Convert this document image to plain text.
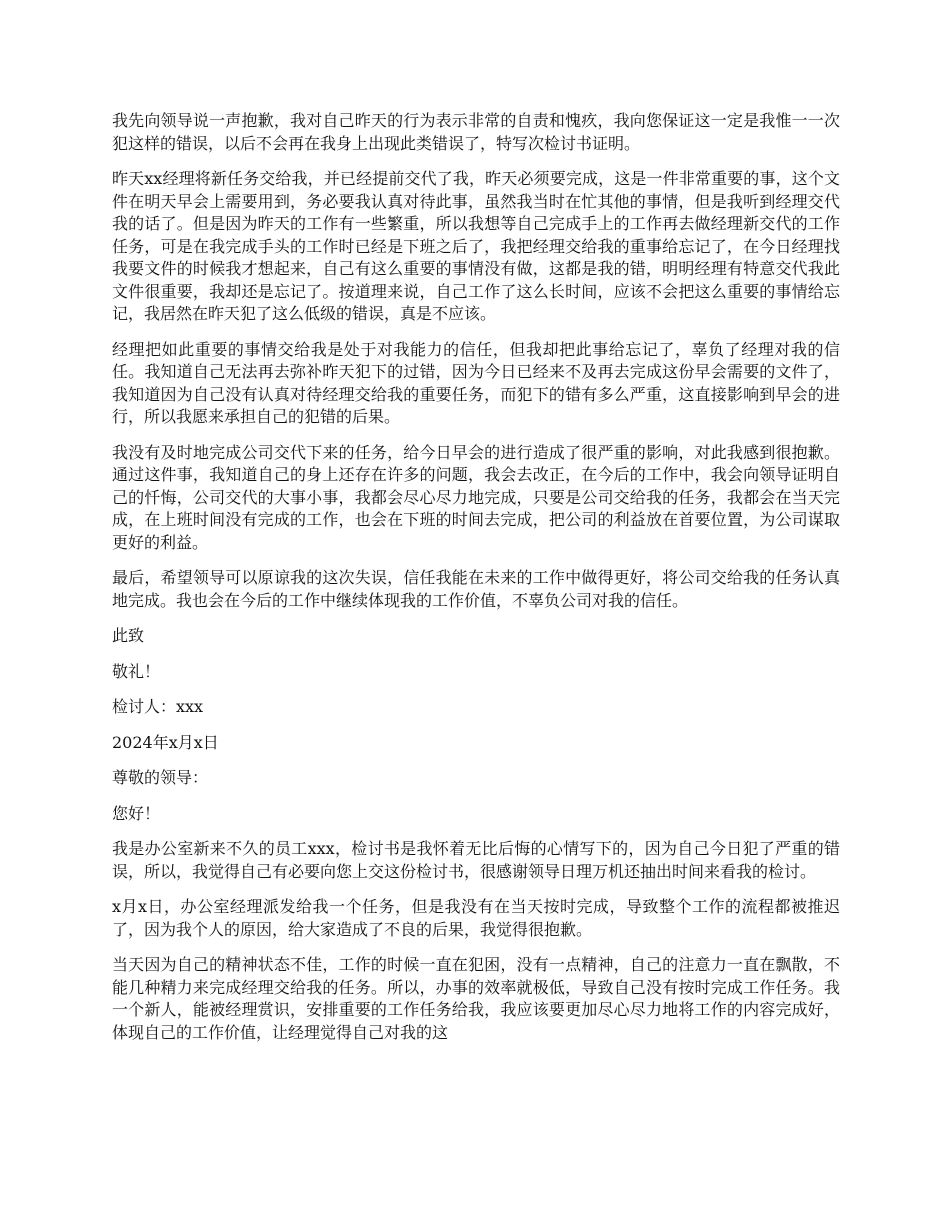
我先向领导说一声抱歉，我对自己昨天的行为表示非常的自责和愧疚，我向您保证这一定是我惟一一次犯这样的错误，以后不会再在我身上出现此类错误了，特写次检讨书证明。

昨天xx经理将新任务交给我，并已经提前交代了我，昨天必须要完成，这是一件非常重要的事，这个文件在明天早会上需要用到，务必要我认真对待此事，虽然我当时在忙其他的事情，但是我听到经理交代我的话了。但是因为昨天的工作有一些繁重，所以我想等自己完成手上的工作再去做经理新交代的工作任务，可是在我完成手头的工作时已经是下班之后了，我把经理交给我的重事给忘记了，在今日经理找我要文件的时候我才想起来，自己有这么重要的事情没有做，这都是我的错，明明经理有特意交代我此文件很重要，我却还是忘记了。按道理来说，自己工作了这么长时间，应该不会把这么重要的事情给忘记，我居然在昨天犯了这么低级的错误，真是不应该。

经理把如此重要的事情交给我是处于对我能力的信任，但我却把此事给忘记了，辜负了经理对我的信任。我知道自己无法再去弥补昨天犯下的过错，因为今日已经来不及再去完成这份早会需要的文件了，我知道因为自己没有认真对待经理交给我的重要任务，而犯下的错有多么严重，这直接影响到早会的进行，所以我愿来承担自己的犯错的后果。

我没有及时地完成公司交代下来的任务，给今日早会的进行造成了很严重的影响，对此我感到很抱歉。通过这件事，我知道自己的身上还存在许多的问题，我会去改正，在今后的工作中，我会向领导证明自己的忏悔，公司交代的大事小事，我都会尽心尽力地完成，只要是公司交给我的任务，我都会在当天完成，在上班时间没有完成的工作，也会在下班的时间去完成，把公司的利益放在首要位置，为公司谋取更好的利益。

最后，希望领导可以原谅我的这次失误，信任我能在未来的工作中做得更好，将公司交给我的任务认真地完成。我也会在今后的工作中继续体现我的工作价值，不辜负公司对我的信任。

此致

敬礼！

检讨人：xxx

2024年x月x日

尊敬的领导：

您好！

我是办公室新来不久的员工xxx，检讨书是我怀着无比后悔的心情写下的，因为自己今日犯了严重的错误，所以，我觉得自己有必要向您上交这份检讨书，很感谢领导日理万机还抽出时间来看我的检讨。

x月x日，办公室经理派发给我一个任务，但是我没有在当天按时完成，导致整个工作的流程都被推迟了，因为我个人的原因，给大家造成了不良的后果，我觉得很抱歉。

当天因为自己的精神状态不佳，工作的时候一直在犯困，没有一点精神，自己的注意力一直在飘散，不能几种精力来完成经理交给我的任务。所以，办事的效率就极低，导致自己没有按时完成工作任务。我一个新人，能被经理赏识，安排重要的工作任务给我，我应该要更加尽心尽力地将工作的内容完成好，体现自己的工作价值，让经理觉得自己对我的这
